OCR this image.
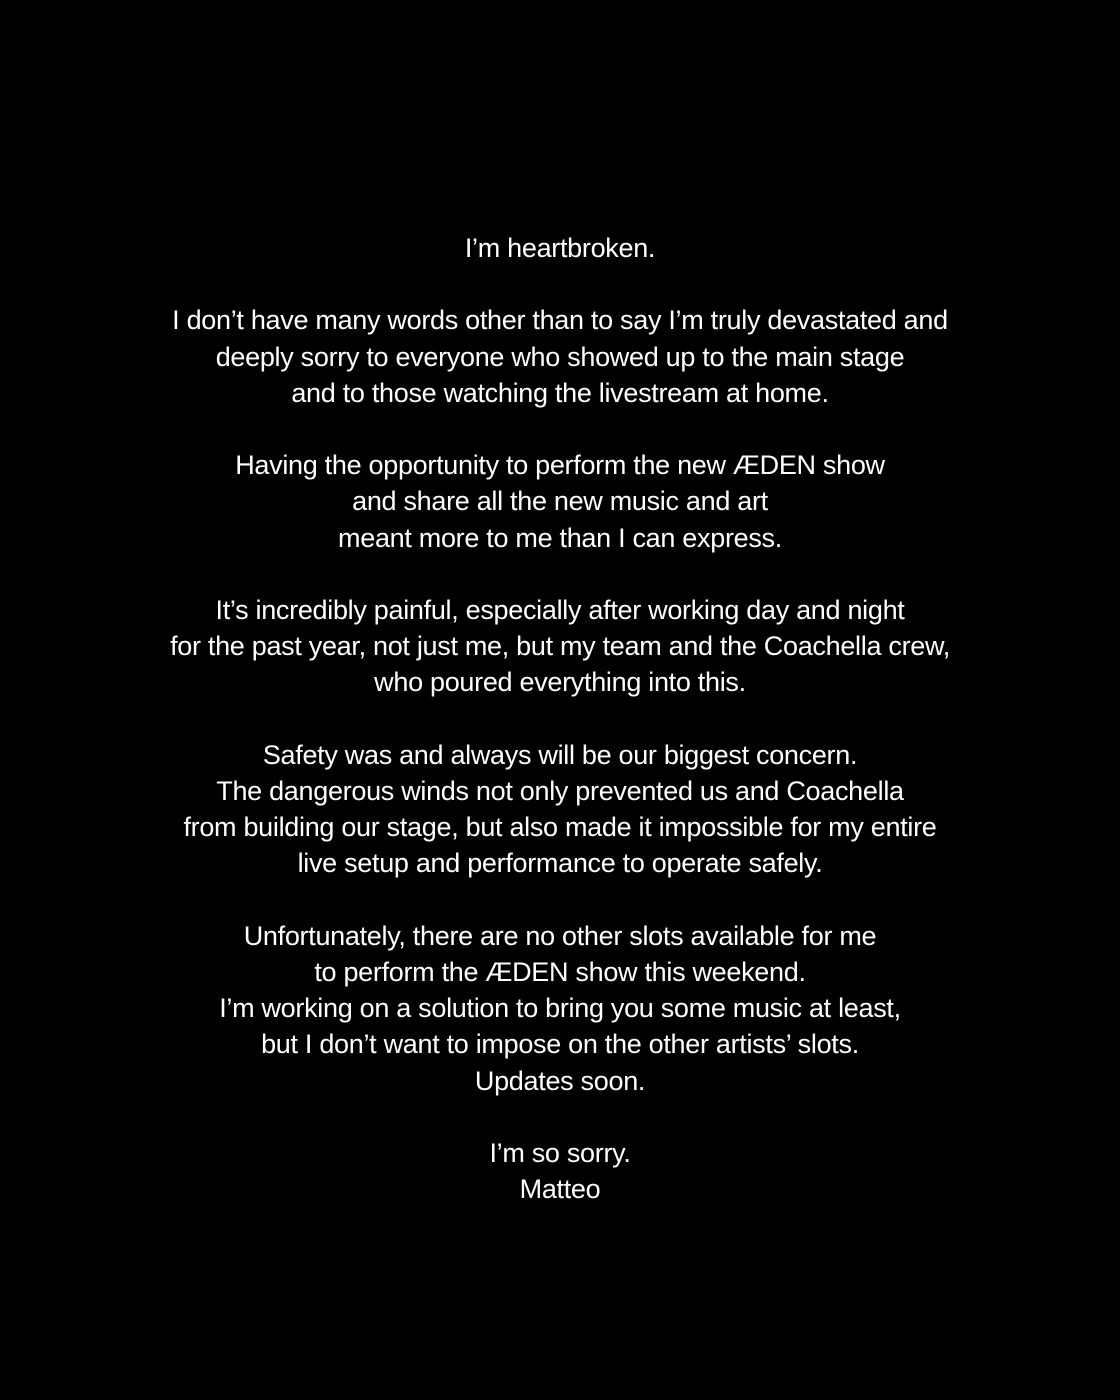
I’m heartbroken.

I don’t have many words other than to say I’m truly devastated and
deeply sorry to everyone who showed up to the main stage
and to those watching the livestream at home.

Having the opportunity to perform the new ÆDEN show
and share all the new music and art
meant more to me than I can express.

It’s incredibly painful, especially after working day and night
for the past year, not just me, but my team and the Coachella crew,
who poured everything into this.

Safety was and always will be our biggest concern.
The dangerous winds not only prevented us and Coachella
from building our stage, but also made it impossible for my entire
live setup and performance to operate safely.

Unfortunately, there are no other slots available for me
to perform the ÆDEN show this weekend.
I’m working on a solution to bring you some music at least,
but I don’t want to impose on the other artists’ slots.
Updates soon.

I’m so sorry.
Matteo
